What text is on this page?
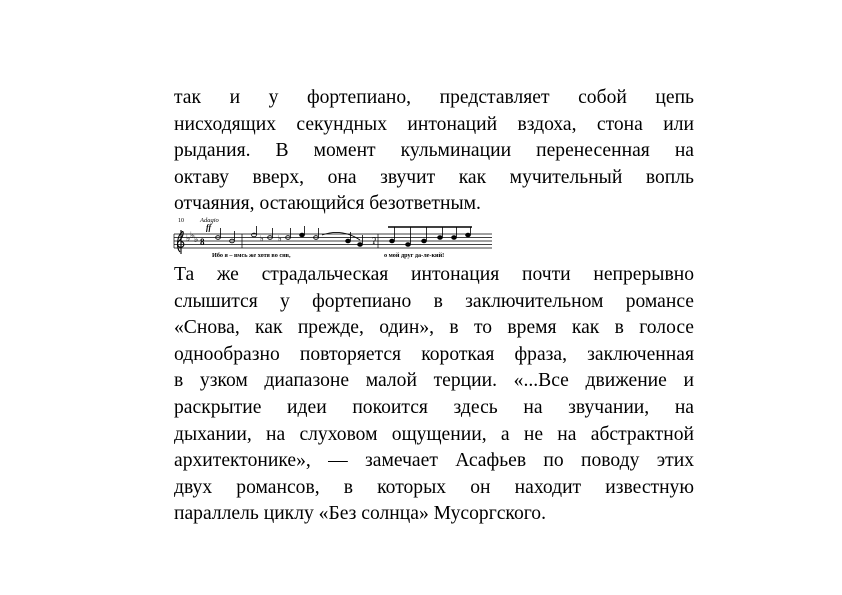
так и у фортепиано, представляет собой цепь
нисходящих секундных интонаций вздоха, стона или
рыдания. В момент кульминации перенесенная на
октаву вверх, она звучит как мучительный вопль
отчаяния, остающийся безответным.

10 Adagio
ff
♭ ♭ ♭ 8	♭ ♭	ʔ
Ибо я – вмсь же хотя во снв,	о мой друг да-ле-кий!

Та же страдальческая интонация почти непрерывно
слышится у фортепиано в заключительном романсе
«Снова, как прежде, один», в то время как в голосе
однообразно повторяется короткая фраза, заключенная
в узком диапазоне малой терции. «...Все движение и
раскрытие идеи покоится здесь на звучании, на
дыхании, на слуховом ощущении, а не на абстрактной
архитектонике», — замечает Асафьев по поводу этих
двух романсов, в которых он находит известную
параллель циклу «Без солнца» Мусоргского.
